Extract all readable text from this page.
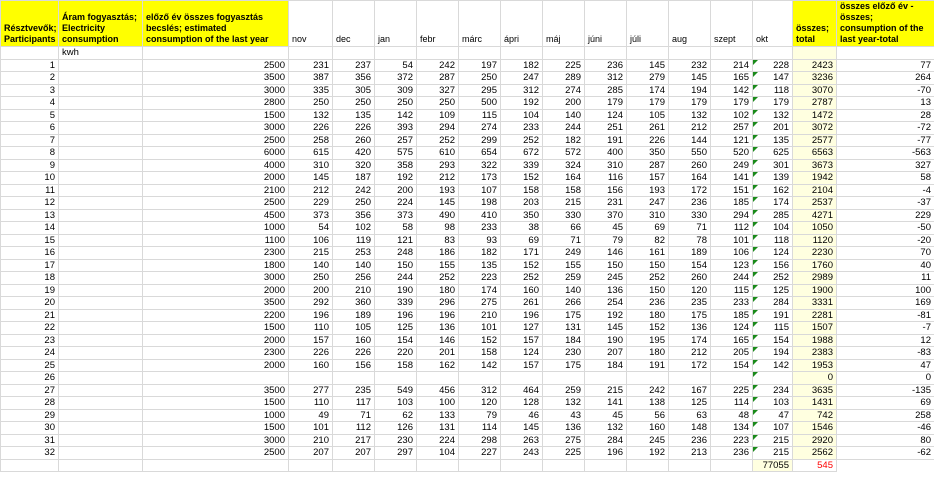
Résztvevők; Participants	Áram fogyasztás; Electricity consumption	előző év összes fogyasztás becslés; estimated consumption of the last year	nov	dec	jan	febr	márc	ápri	máj	júni	júli	aug	szept	okt	összes; total	összes előző év - összes; consumption of the last year-total
	kwh															
1		2500	231	237	54	242	197	182	225	236	145	232	214	228	2423	77
2		3500	387	356	372	287	250	247	289	312	279	145	165	147	3236	264
3		3000	335	305	309	327	295	312	274	285	174	194	142	118	3070	-70
4		2800	250	250	250	250	500	192	200	179	179	179	179	179	2787	13
5		1500	132	135	142	109	115	104	140	124	105	132	102	132	1472	28
6		3000	226	226	393	294	274	233	244	251	261	212	257	201	3072	-72
7		2500	258	260	257	252	299	252	182	191	226	144	121	135	2577	-77
8		6000	615	420	575	610	654	672	572	400	350	550	520	625	6563	-563
9		4000	310	320	358	293	322	339	324	310	287	260	249	301	3673	327
10		2000	145	187	192	212	173	152	164	116	157	164	141	139	1942	58
11		2100	212	242	200	193	107	158	158	156	193	172	151	162	2104	-4
12		2500	229	250	224	145	198	203	215	231	247	236	185	174	2537	-37
13		4500	373	356	373	490	410	350	330	370	310	330	294	285	4271	229
14		1000	54	102	58	98	233	38	66	45	69	71	112	104	1050	-50
15		1100	106	119	121	83	93	69	71	79	82	78	101	118	1120	-20
16		2300	215	253	248	186	182	171	249	146	161	189	106	124	2230	70
17		1800	140	140	150	155	135	152	155	150	150	154	123	156	1760	40
18		3000	250	256	244	252	223	252	259	245	252	260	244	252	2989	11
19		2000	200	210	190	180	174	160	140	136	150	120	115	125	1900	100
20		3500	292	360	339	296	275	261	266	254	236	235	233	284	3331	169
21		2200	196	189	196	196	210	196	175	192	180	175	185	191	2281	-81
22		1500	110	105	125	136	101	127	131	145	152	136	124	115	1507	-7
23		2000	157	160	154	146	152	157	184	190	195	174	165	154	1988	12
24		2300	226	226	220	201	158	124	230	207	180	212	205	194	2383	-83
25		2000	160	156	158	162	142	157	175	184	191	172	154	142	1953	47
26															0	0
27		3500	277	235	549	456	312	464	259	215	242	167	225	234	3635	-135
28		1500	110	117	103	100	120	128	132	141	138	125	114	103	1431	69
29		1000	49	71	62	133	79	46	43	45	56	63	48	47	742	258
30		1500	101	112	126	131	114	145	136	132	160	148	134	107	1546	-46
31		3000	210	217	230	224	298	263	275	284	245	236	223	215	2920	80
32		2500	207	207	297	104	227	243	225	196	192	213	236	215	2562	-62
														77055	545	
